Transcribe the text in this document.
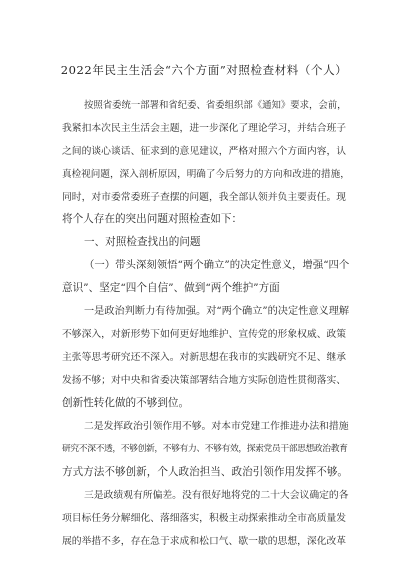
2022年民主生活会“六个方面”对照检查材料（个人）
按照省委统一部署和省纪委、省委组织部《通知》要求，会前，
我紧扣本次民主生活会主题，进一步深化了理论学习，并结合班子
之间的谈心谈话、征求到的意见建议，严格对照六个方面内容，认
真检视问题，深入剖析原因，明确了今后努力的方向和改进的措施，
同时，对市委常委班子查摆的问题，我全部认领并负主要责任。现
将个人存在的突出问题对照检查如下：
一、对照检查找出的问题
（一）带头深刻领悟“两个确立”的决定性意义，增强“四个
意识”、坚定“四个自信”、做到“两个维护”方面
一是政治判断力有待加强。对“两个确立”的决定性意义理解
不够深入，对新形势下如何更好地维护、宣传党的形象权威、政策
主张等思考研究还不深入。对新思想在我市的实践研究不足、继承
发扬不够；对中央和省委决策部署结合地方实际创造性贯彻落实、
创新性转化做的不够到位。
二是发挥政治引领作用不够。对本市党建工作推进办法和措施
研究不深不透，不够创新，不够有力、不够有效，探索党员干部思想政治教育
方式方法不够创新，个人政治担当、政治引领作用发挥不够。
三是政绩观有所偏差。没有很好地将党的二十大会议确定的各
项目标任务分解细化、落细落实，积极主动探索推动全市高质量发
展的举措不多，存在急于求成和松口气、歇一歇的思想，深化改革
